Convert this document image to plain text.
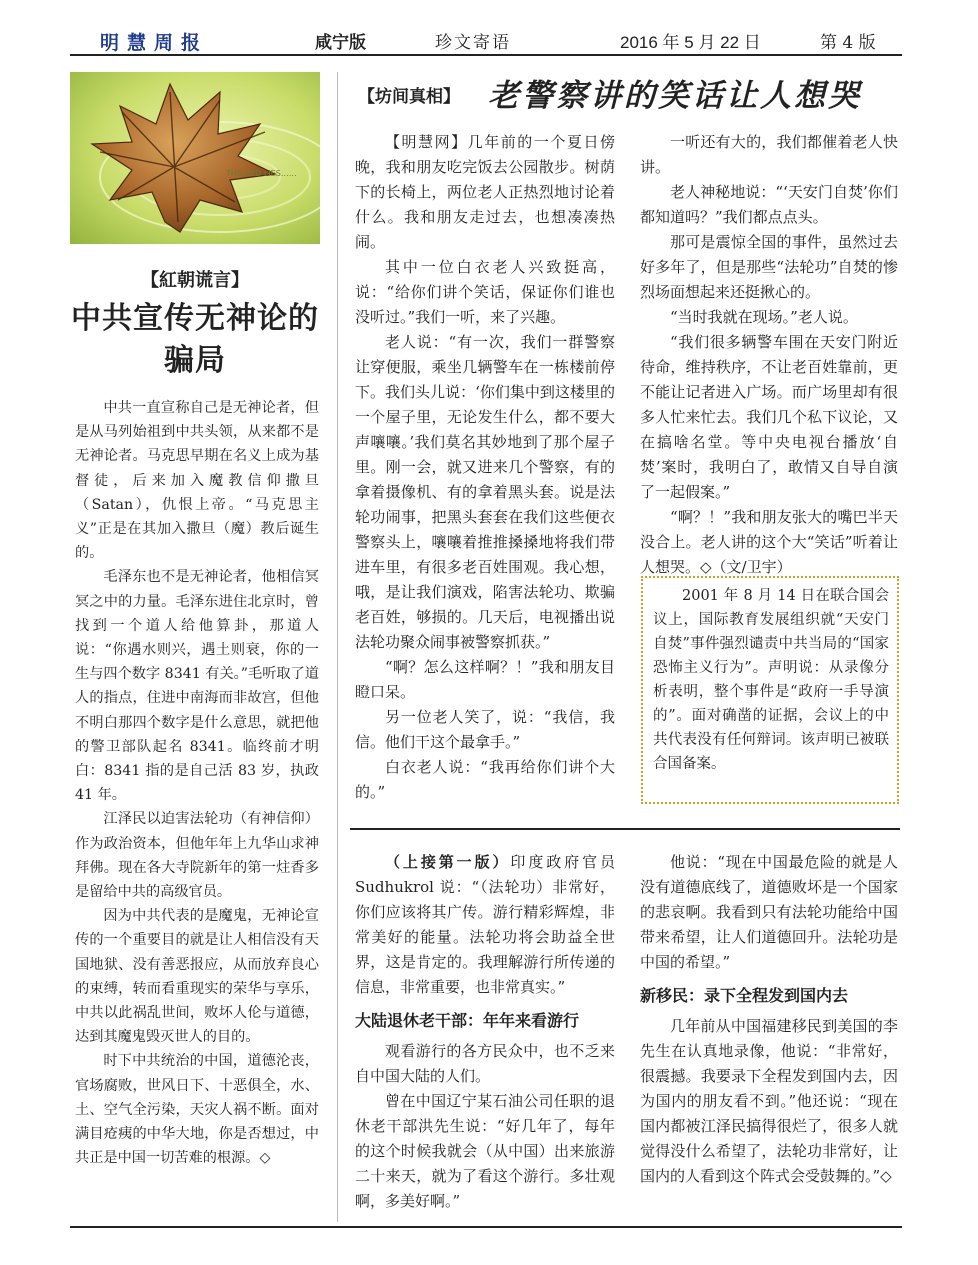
明慧周报	咸宁版	珍文寄语	2016 年 5 月 22 日	第 4 版
THE RED LIES……
【紅朝谎言】
中共宣传无神论的
骗局

中共一直宣称自己是无神论者，但是从马列始祖到中共头领，从来都不是无神论者。马克思早期在名义上成为基督徒，后来加入魔教信仰撒旦（Satan），仇恨上帝。“马克思主义”正是在其加入撒旦（魔）教后诞生的。

毛泽东也不是无神论者，他相信冥冥之中的力量。毛泽东进住北京时，曾找到一个道人给他算卦，那道人说：“你遇水则兴，遇土则衰，你的一生与四个数字 8341 有关。”毛听取了道人的指点，住进中南海而非故宫，但他不明白那四个数字是什么意思，就把他的警卫部队起名 8341。临终前才明白：8341 指的是自己活 83 岁，执政 41 年。

江泽民以迫害法轮功（有神信仰）作为政治资本，但他年年上九华山求神拜佛。现在各大寺院新年的第一炷香多是留给中共的高级官员。

因为中共代表的是魔鬼，无神论宣传的一个重要目的就是让人相信没有天国地狱、没有善恶报应，从而放弃良心的束缚，转而看重现实的荣华与享乐，中共以此祸乱世间，败坏人伦与道德，达到其魔鬼毁灭世人的目的。

时下中共统治的中国，道德沦丧，官场腐败，世风日下、十恶俱全，水、土、空气全污染，天灾人祸不断。面对满目疮痍的中华大地，你是否想过，中共正是中国一切苦难的根源。◇

【坊间真相】 老警察讲的笑话让人想哭

【明慧网】几年前的一个夏日傍晚，我和朋友吃完饭去公园散步。树荫下的长椅上，两位老人正热烈地讨论着什么。我和朋友走过去，也想凑凑热闹。

其中一位白衣老人兴致挺高，说：“给你们讲个笑话，保证你们谁也没听过。”我们一听，来了兴趣。

老人说：“有一次，我们一群警察让穿便服，乘坐几辆警车在一栋楼前停下。我们头儿说：‘你们集中到这楼里的一个屋子里，无论发生什么，都不要大声嚷嚷。’我们莫名其妙地到了那个屋子里。刚一会，就又进来几个警察，有的拿着摄像机、有的拿着黑头套。说是法轮功闹事，把黑头套套在我们这些便衣警察头上，嚷嚷着推推搡搡地将我们带进车里，有很多老百姓围观。我心想，哦，是让我们演戏，陷害法轮功、欺骗老百姓，够损的。几天后，电视播出说法轮功聚众闹事被警察抓获。”

“啊？怎么这样啊？！”我和朋友目瞪口呆。

另一位老人笑了，说：“我信，我信。他们干这个最拿手。”

白衣老人说：“我再给你们讲个大的。”

一听还有大的，我们都催着老人快讲。

老人神秘地说：“‘天安门自焚’你们都知道吗？”我们都点点头。

那可是震惊全国的事件，虽然过去好多年了，但是那些“法轮功”自焚的惨烈场面想起来还挺揪心的。

“当时我就在现场。”老人说。

“我们很多辆警车围在天安门附近待命，维持秩序，不让老百姓靠前，更不能让记者进入广场。而广场里却有很多人忙来忙去。我们几个私下议论，又在搞啥名堂。等中央电视台播放‘自焚’案时，我明白了，敢情又自导自演了一起假案。”

“啊？！”我和朋友张大的嘴巴半天没合上。老人讲的这个大“笑话”听着让人想哭。◇（文/卫宇）

2001 年 8 月 14 日在联合国会议上，国际教育发展组织就“天安门自焚”事件强烈谴责中共当局的“国家恐怖主义行为”。声明说：从录像分析表明，整个事件是“政府一手导演的”。面对确凿的证据，会议上的中共代表没有任何辩词。该声明已被联合国备案。

（上接第一版）印度政府官员 Sudhukrol 说：“（法轮功）非常好，你们应该将其广传。游行精彩辉煌，非常美好的能量。法轮功将会助益全世界，这是肯定的。我理解游行所传递的信息，非常重要，也非常真实。”

大陆退休老干部：年年来看游行

观看游行的各方民众中，也不乏来自中国大陆的人们。

曾在中国辽宁某石油公司任职的退休老干部洪先生说：“好几年了，每年的这个时候我就会（从中国）出来旅游二十来天，就为了看这个游行。多壮观啊，多美好啊。”

他说：“现在中国最危险的就是人没有道德底线了，道德败坏是一个国家的悲哀啊。我看到只有法轮功能给中国带来希望，让人们道德回升。法轮功是中国的希望。”

新移民：录下全程发到国内去

几年前从中国福建移民到美国的李先生在认真地录像，他说：“非常好，很震撼。我要录下全程发到国内去，因为国内的朋友看不到。”他还说：“现在国内都被江泽民搞得很烂了，很多人就觉得没什么希望了，法轮功非常好，让国内的人看到这个阵式会受鼓舞的。”◇
